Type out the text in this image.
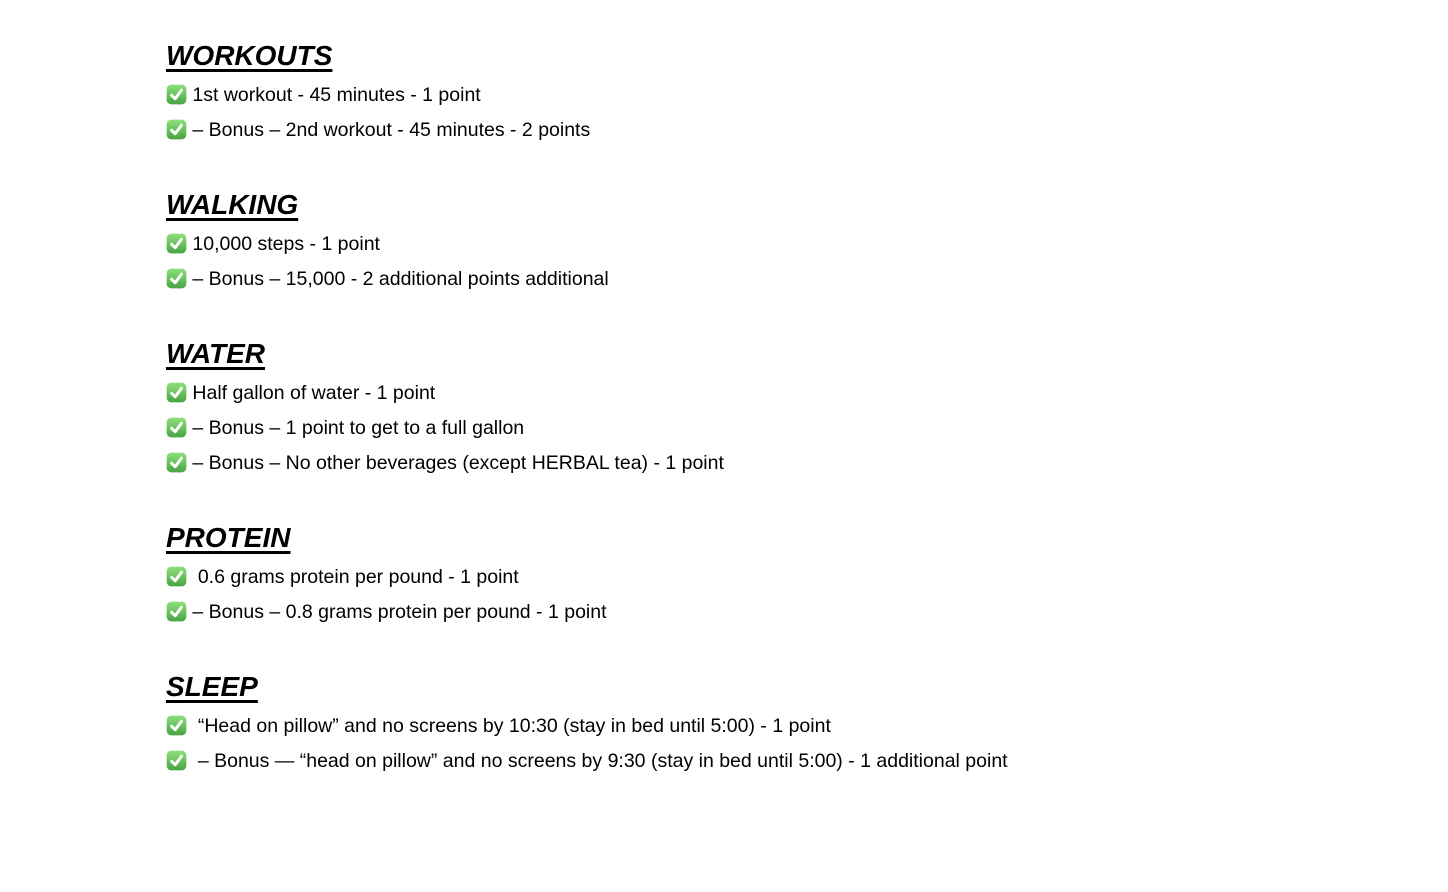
WORKOUTS

1st workout - 45 minutes - 1 point

– Bonus – 2nd workout - 45 minutes - 2 points

WALKING

10,000 steps - 1 point

– Bonus – 15,000 - 2 additional points additional

WATER

Half gallon of water - 1 point

– Bonus – 1 point to get to a full gallon

– Bonus – No other beverages (except HERBAL tea) - 1 point

PROTEIN

0.6 grams protein per pound - 1 point

– Bonus – 0.8 grams protein per pound - 1 point

SLEEP

“Head on pillow” and no screens by 10:30 (stay in bed until 5:00) - 1 point

– Bonus — “head on pillow” and no screens by 9:30 (stay in bed until 5:00) - 1 additional point
